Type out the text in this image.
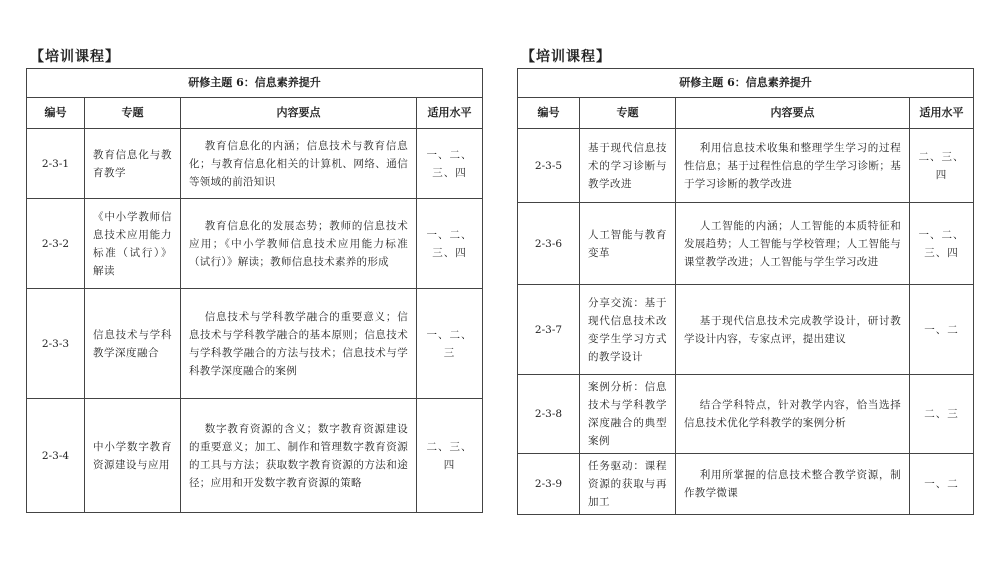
【培训课程】
研修主题 6：信息素养提升			
编号	专题	内容要点	适用水平
2-3-1	教育信息化与教育教学	教育信息化的内涵；信息技术与教育信息化；与教育信息化相关的计算机、网络、通信等领域的前沿知识	一、二、三、四
2-3-2	《中小学教师信息技术应用能力标准（试行）》解读	教育信息化的发展态势；教师的信息技术应用；《中小学教师信息技术应用能力标准（试行）》解读；教师信息技术素养的形成	一、二、三、四
2-3-3	信息技术与学科教学深度融合	信息技术与学科教学融合的重要意义；信息技术与学科教学融合的基本原则；信息技术与学科教学融合的方法与技术；信息技术与学科教学深度融合的案例	一、二、三
2-3-4	中小学数字教育资源建设与应用	数字教育资源的含义；数字教育资源建设的重要意义；加工、制作和管理数字教育资源的工具与方法；获取数字教育资源的方法和途径；应用和开发数字教育资源的策略	二、三、四
【培训课程】
研修主题 6：信息素养提升			
编号	专题	内容要点	适用水平
2-3-5	基于现代信息技术的学习诊断与教学改进	利用信息技术收集和整理学生学习的过程性信息；基于过程性信息的学生学习诊断；基于学习诊断的教学改进	二、三、四
2-3-6	人工智能与教育变革	人工智能的内涵；人工智能的本质特征和发展趋势；人工智能与学校管理；人工智能与课堂教学改进；人工智能与学生学习改进	一、二、三、四
2-3-7	分享交流：基于现代信息技术改变学生学习方式的教学设计	基于现代信息技术完成教学设计，研讨教学设计内容，专家点评，提出建议	一、二
2-3-8	案例分析：信息技术与学科教学深度融合的典型案例	结合学科特点，针对教学内容，恰当选择信息技术优化学科教学的案例分析	二、三
2-3-9	任务驱动：课程资源的获取与再加工	利用所掌握的信息技术整合教学资源，制作教学微课	一、二
